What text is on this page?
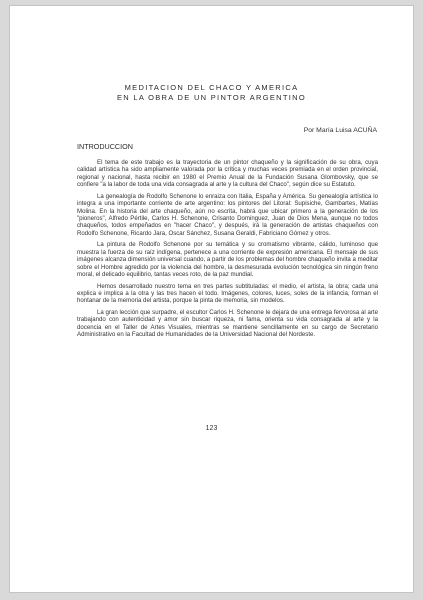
MEDITACION DEL CHACO Y AMERICA
EN LA OBRA DE UN PINTOR ARGENTINO
Por María Luisa ACUÑA
INTRODUCCION

El tema de este trabajo es la trayectoria de un pintor chaqueño y la significación de su obra, cuya calidad artística ha sido ampliamente valorada por la crítica y muchas veces premiada en el orden provincial, regional y nacional, hasta recibir en 1980 el Premio Anual de la Fundación Susana Glombovsky, que se confiere "a la labor de toda una vida consagrada al arte y la cultura del Chaco", según dice su Estatuto.

La genealogía de Rodolfo Schenone lo enraiza con Italia, España y América. Su genealogía artística lo integra a una importante corriente de arte argentino: los pintores del Litoral: Supisiche, Gambartes, Matías Molina. En la historia del arte chaqueño, aún no escrita, habrá que ubicar primero a la generación de los "pioneros", Alfredo Pértile, Carlos H. Schenone, Crisanto Dominguez, Juan de Dios Mena, aunque no todos chaqueños, todos empeñados en "hacer Chaco", y después, irá la generación de artistas chaqueños con Rodolfo Schenone, Ricardo Jara, Oscar Sánchez, Susana Geraldi, Fabriciano Gómez y otros.

La pintura de Rodolfo Schenone por su temática y su cromatismo vibrante, cálido, luminoso que muestra la fuerza de su raíz indígena, pertenece a una corriente de expresión americana. El mensaje de sus imágenes alcanza dimensión universal cuando, a partir de los problemas del hombre chaqueño invita a meditar sobre el Hombre agredido por la violencia del hombre, la desmesurada evolución tecnológica sin ningún freno moral, el delicado equilibrio, tantas veces roto, de la paz mundial.

Hemos desarrollado nuestro tema en tres partes subtituladas: el medio, el artista, la obra; cada una explica e implica a la otra y las tres hacen el todo. Imágenes, colores, luces, soles de la infancia, forman el hontanar de la memoria del artista, porque la pinta de memoria, sin modelos.

La gran lección que surpadre, el escultor Carlos H. Schenone le dejara de una entrega fervorosa al arte trabajando con autenticidad y amor sin buscar riqueza, ni fama, orienta su vida consagrada al arte y la docencia en el Taller de Artes Visuales, mientras se mantiene sencillamente en su cargo de Secretario Administrativo en la Facultad de Humanidades de la Universidad Nacional del Nordeste.

123
